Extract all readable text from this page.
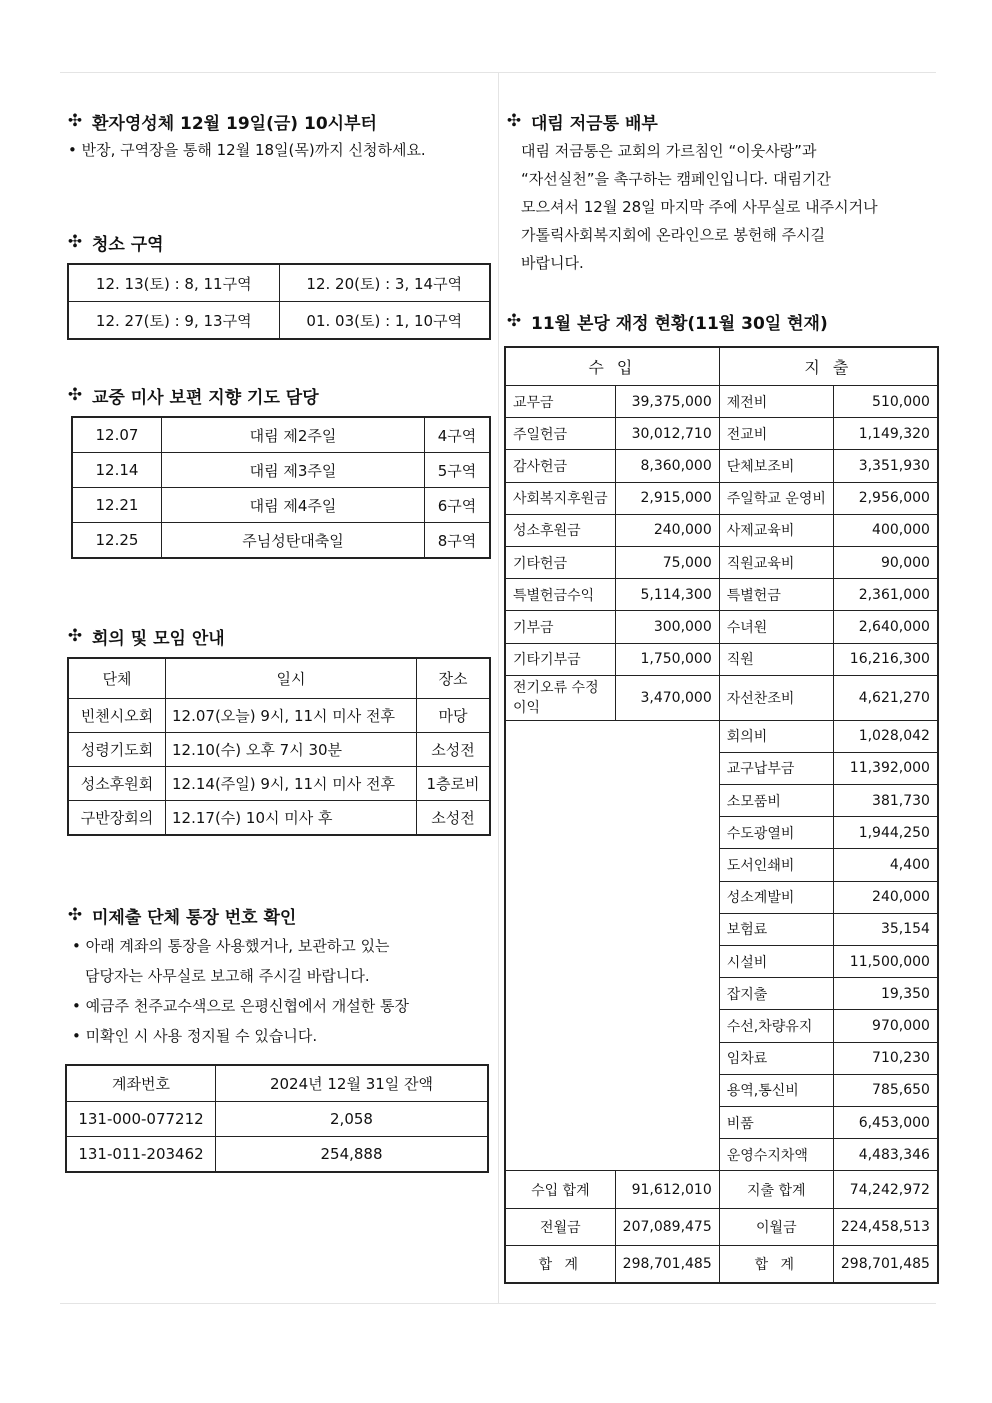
✣ 환자영성체 12월 19일(금) 10시부터
• 반장, 구역장을 통해 12월 18일(목)까지 신청하세요.
✣ 청소 구역
12. 13(토) : 8, 11구역	12. 20(토) : 3, 14구역
12. 27(토) : 9, 13구역	01. 03(토) : 1, 10구역
✣ 교중 미사 보편 지향 기도 담당
12.07	대림 제2주일	4구역
12.14	대림 제3주일	5구역
12.21	대림 제4주일	6구역
12.25	주님성탄대축일	8구역
✣ 회의 및 모임 안내
단체	일시	장소
빈첸시오회	12.07(오늘) 9시, 11시 미사 전후	마당
성령기도회	12.10(수) 오후 7시 30분	소성전
성소후원회	12.14(주일) 9시, 11시 미사 전후	1층로비
구반장회의	12.17(수) 10시 미사 후	소성전
✣ 미제출 단체 통장 번호 확인
• 아래 계좌의 통장을 사용했거나, 보관하고 있는
담당자는 사무실로 보고해 주시길 바랍니다.
• 예금주 천주교수색으로 은평신협에서 개설한 통장
• 미확인 시 사용 정지될 수 있습니다.
계좌번호	2024년 12월 31일 잔액
131-000-077212	2,058
131-011-203462	254,888
✣ 대림 저금통 배부
대림 저금통은 교회의 가르침인 “이웃사랑”과
“자선실천”을 촉구하는 캠페인입니다. 대림기간
모으셔서 12월 28일 마지막 주에 사무실로 내주시거나
가톨릭사회복지회에 온라인으로 봉헌해 주시길
바랍니다.
✣ 11월 본당 재정 현황(11월 30일 현재)
수 입		지 출	
교무금	39,375,000	제전비	510,000
주일헌금	30,012,710	전교비	1,149,320
감사헌금	8,360,000	단체보조비	3,351,930
사회복지후원금	2,915,000	주일학교 운영비	2,956,000
성소후원금	240,000	사제교육비	400,000
기타헌금	75,000	직원교육비	90,000
특별헌금수익	5,114,300	특별헌금	2,361,000
기부금	300,000	수녀원	2,640,000
기타기부금	1,750,000	직원	16,216,300
전기오류 수정이익	3,470,000	자선찬조비	4,621,270
		회의비	1,028,042
		교구납부금	11,392,000
		소모품비	381,730
		수도광열비	1,944,250
		도서인쇄비	4,400
		성소계발비	240,000
		보험료	35,154
		시설비	11,500,000
		잡지출	19,350
		수선,차량유지	970,000
		임차료	710,230
		용역,통신비	785,650
		비품	6,453,000
		운영수지차액	4,483,346
수입 합계	91,612,010	지출 합계	74,242,972
전월금	207,089,475	이월금	224,458,513
합 계	298,701,485	합 계	298,701,485
